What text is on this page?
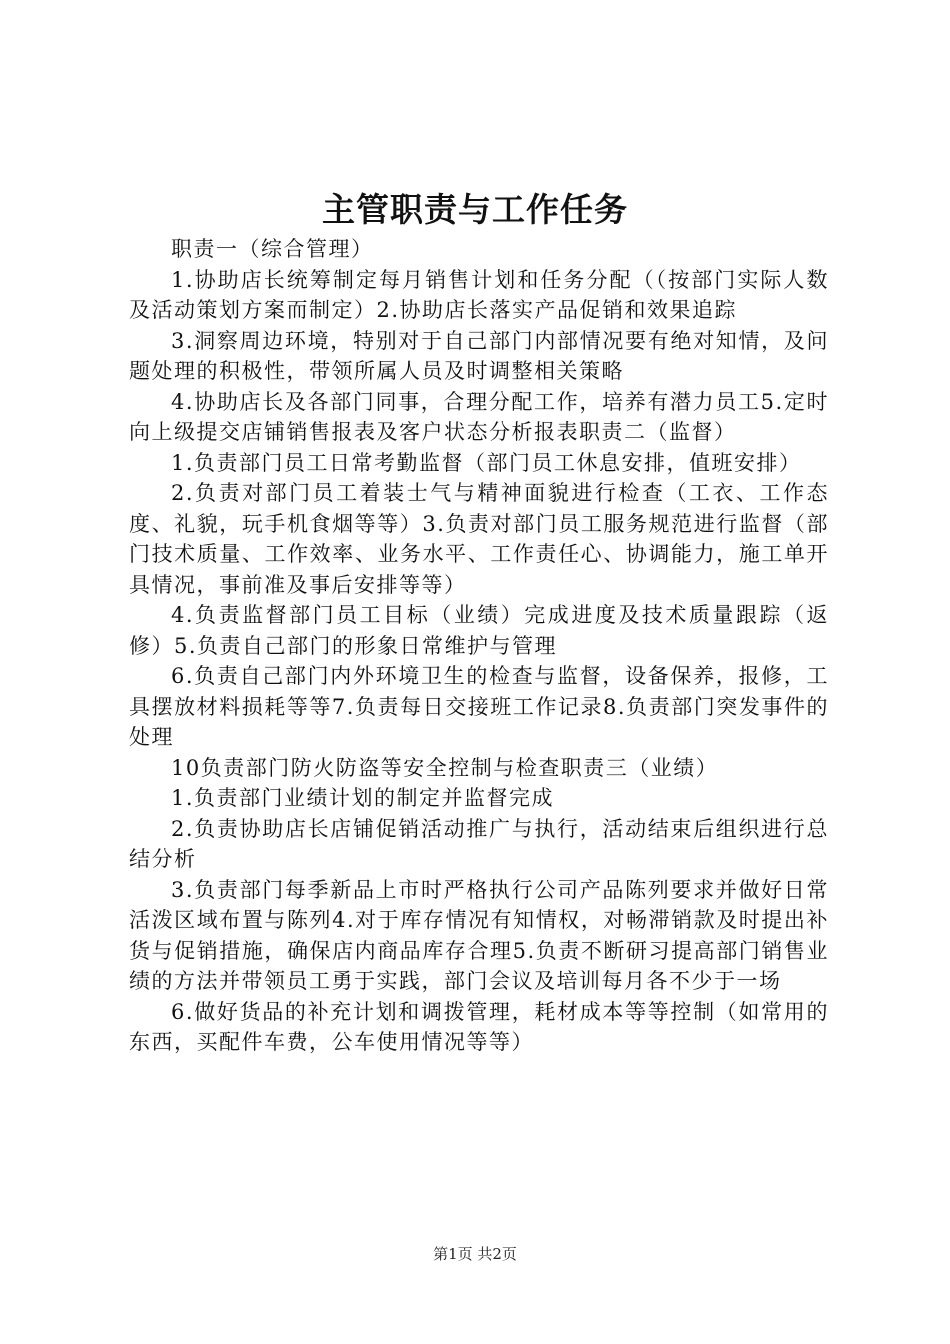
主管职责与工作任务

职责一（综合管理）

1.协助店长统筹制定每月销售计划和任务分配（（按部门实际人数及活动策划方案而制定）2.协助店长落实产品促销和效果追踪

3.洞察周边环境，特别对于自己部门内部情况要有绝对知情，及问题处理的积极性，带领所属人员及时调整相关策略

4.协助店长及各部门同事，合理分配工作，培养有潜力员工5.定时向上级提交店铺销售报表及客户状态分析报表职责二（监督）

1.负责部门员工日常考勤监督（部门员工休息安排，值班安排）

2.负责对部门员工着装士气与精神面貌进行检查（工衣、工作态度、礼貌，玩手机食烟等等）3.负责对部门员工服务规范进行监督（部门技术质量、工作效率、业务水平、工作责任心、协调能力，施工单开具情况，事前准及事后安排等等）

4.负责监督部门员工目标（业绩）完成进度及技术质量跟踪（返修）5.负责自己部门的形象日常维护与管理

6.负责自己部门内外环境卫生的检查与监督，设备保养，报修，工具摆放材料损耗等等7.负责每日交接班工作记录8.负责部门突发事件的处理

10负责部门防火防盗等安全控制与检查职责三（业绩）

1.负责部门业绩计划的制定并监督完成

2.负责协助店长店铺促销活动推广与执行，活动结束后组织进行总结分析

3.负责部门每季新品上市时严格执行公司产品陈列要求并做好日常活泼区域布置与陈列4.对于库存情况有知情权，对畅滞销款及时提出补货与促销措施，确保店内商品库存合理5.负责不断研习提高部门销售业绩的方法并带领员工勇于实践，部门会议及培训每月各不少于一场

6.做好货品的补充计划和调拨管理，耗材成本等等控制（如常用的东西，买配件车费，公车使用情况等等）

第1页 共2页
